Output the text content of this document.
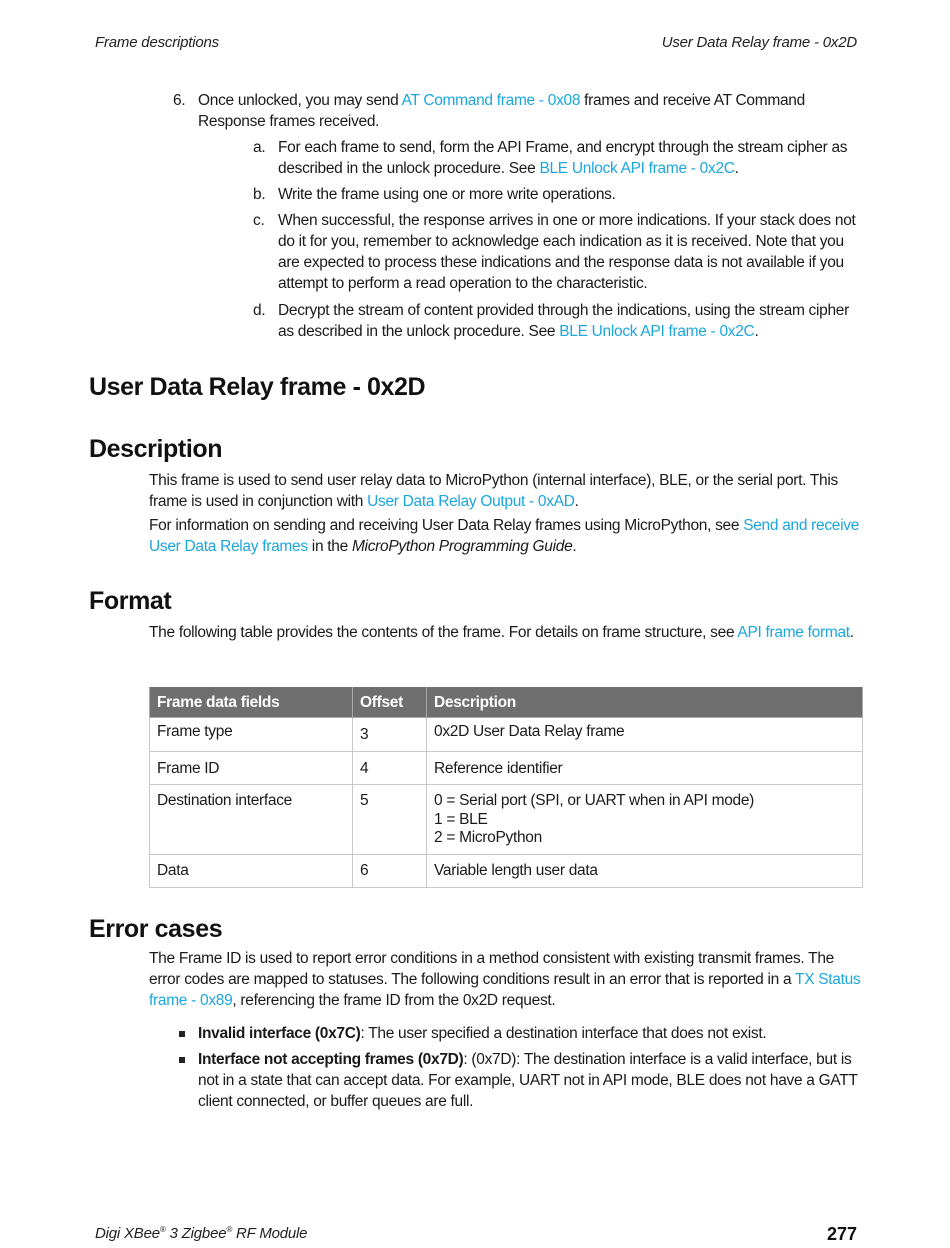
Frame descriptions	User Data Relay frame - 0x2D
6. Once unlocked, you may send AT Command frame - 0x08 frames and receive AT Command Response frames received.
a. For each frame to send, form the API Frame, and encrypt through the stream cipher as described in the unlock procedure. See BLE Unlock API frame - 0x2C.
b. Write the frame using one or more write operations.
c. When successful, the response arrives in one or more indications. If your stack does not do it for you, remember to acknowledge each indication as it is received. Note that you are expected to process these indications and the response data is not available if you attempt to perform a read operation to the characteristic.
d. Decrypt the stream of content provided through the indications, using the stream cipher as described in the unlock procedure. See BLE Unlock API frame - 0x2C.
User Data Relay frame - 0x2D
Description

This frame is used to send user relay data to MicroPython (internal interface), BLE, or the serial port. This frame is used in conjunction with User Data Relay Output - 0xAD.

For information on sending and receiving User Data Relay frames using MicroPython, see Send and receive User Data Relay frames in the MicroPython Programming Guide.

Format

The following table provides the contents of the frame. For details on frame structure, see API frame format.

Frame data fields	Offset	Description
Frame type	3	0x2D User Data Relay frame
Frame ID	4	Reference identifier
Destination interface	5	0 = Serial port (SPI, or UART when in API mode)
1 = BLE
2 = MicroPython

Data	6	Variable length user data
Error cases

The Frame ID is used to report error conditions in a method consistent with existing transmit frames. The error codes are mapped to statuses. The following conditions result in an error that is reported in a TX Status frame - 0x89, referencing the frame ID from the 0x2D request.

Invalid interface (0x7C): The user specified a destination interface that does not exist.
Interface not accepting frames (0x7D): (0x7D): The destination interface is a valid interface, but is not in a state that can accept data. For example, UART not in API mode, BLE does not have a GATT client connected, or buffer queues are full.
Digi XBee® 3 Zigbee® RF Module	277
